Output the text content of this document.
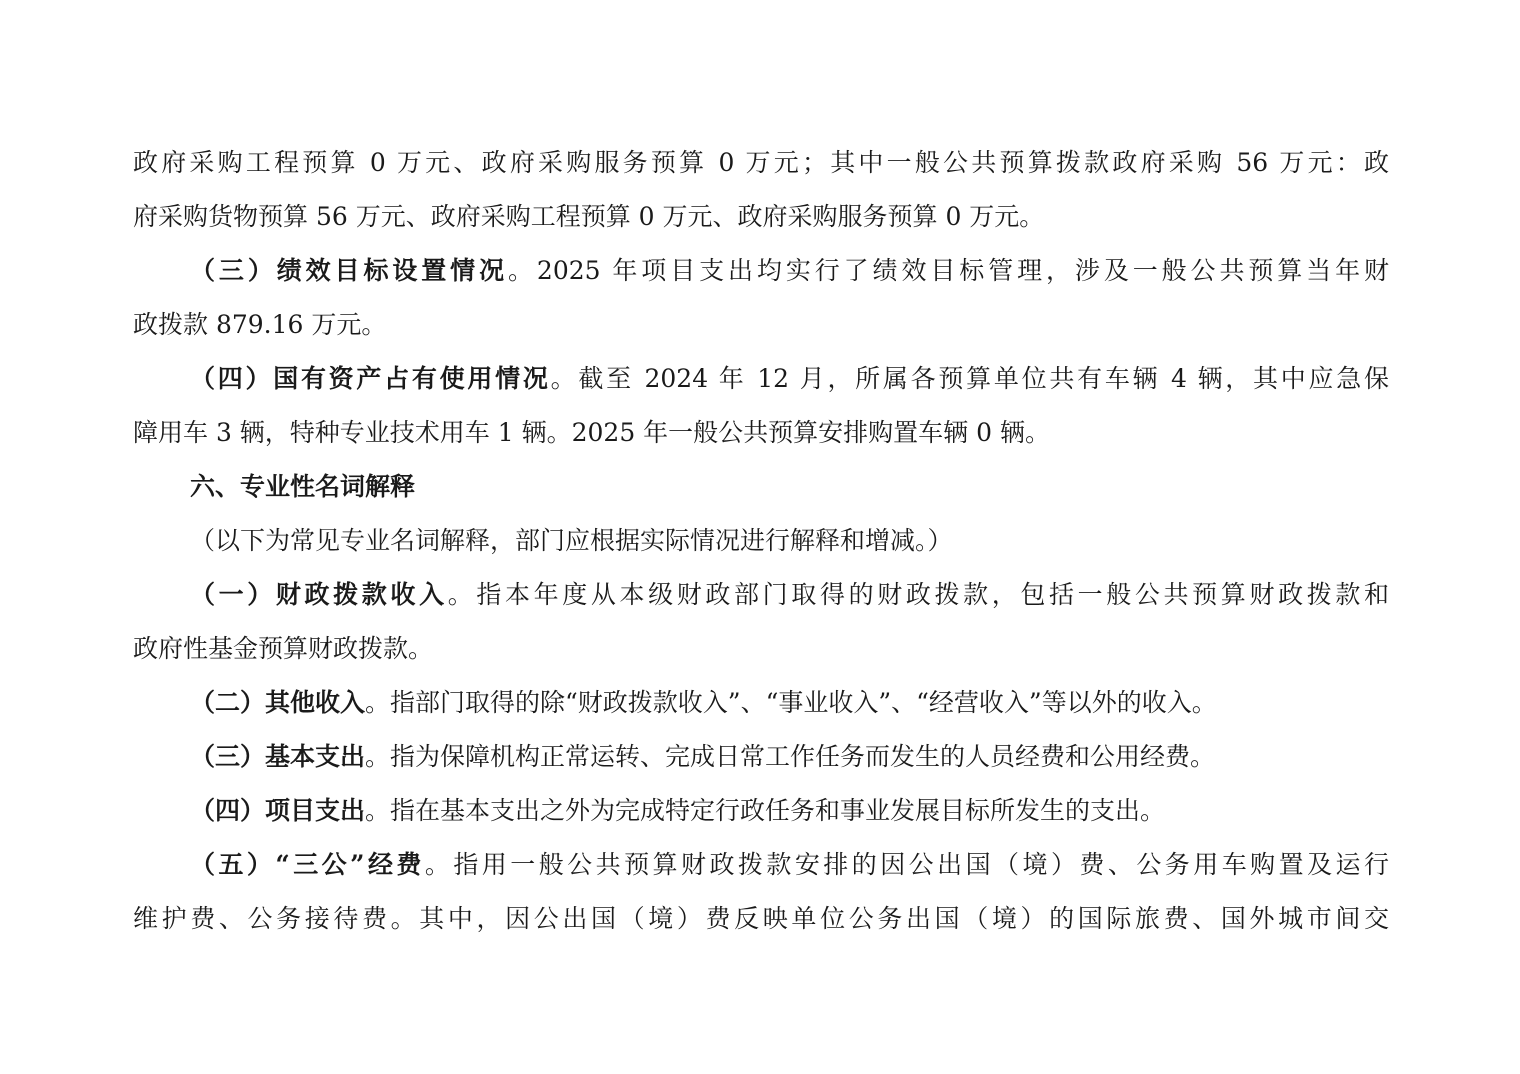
政府采购工程预算 0 万元、政府采购服务预算 0 万元；其中一般公共预算拨款政府采购 56 万元：政
府采购货物预算 56 万元、政府采购工程预算 0 万元、政府采购服务预算 0 万元。
（三）绩效目标设置情况。2025 年项目支出均实行了绩效目标管理，涉及一般公共预算当年财
政拨款 879.16 万元。
（四）国有资产占有使用情况。截至 2024 年 12 月，所属各预算单位共有车辆 4 辆，其中应急保
障用车 3 辆，特种专业技术用车 1 辆。2025 年一般公共预算安排购置车辆 0 辆。
六、专业性名词解释
（以下为常见专业名词解释，部门应根据实际情况进行解释和增减。）
（一）财政拨款收入。指本年度从本级财政部门取得的财政拨款，包括一般公共预算财政拨款和
政府性基金预算财政拨款。
（二）其他收入。指部门取得的除“财政拨款收入”、“事业收入”、“经营收入”等以外的收入。
（三）基本支出。指为保障机构正常运转、完成日常工作任务而发生的人员经费和公用经费。
（四）项目支出。指在基本支出之外为完成特定行政任务和事业发展目标所发生的支出。
（五）“三公”经费。指用一般公共预算财政拨款安排的因公出国（境）费、公务用车购置及运行
维护费、公务接待费。其中，因公出国（境）费反映单位公务出国（境）的国际旅费、国外城市间交
